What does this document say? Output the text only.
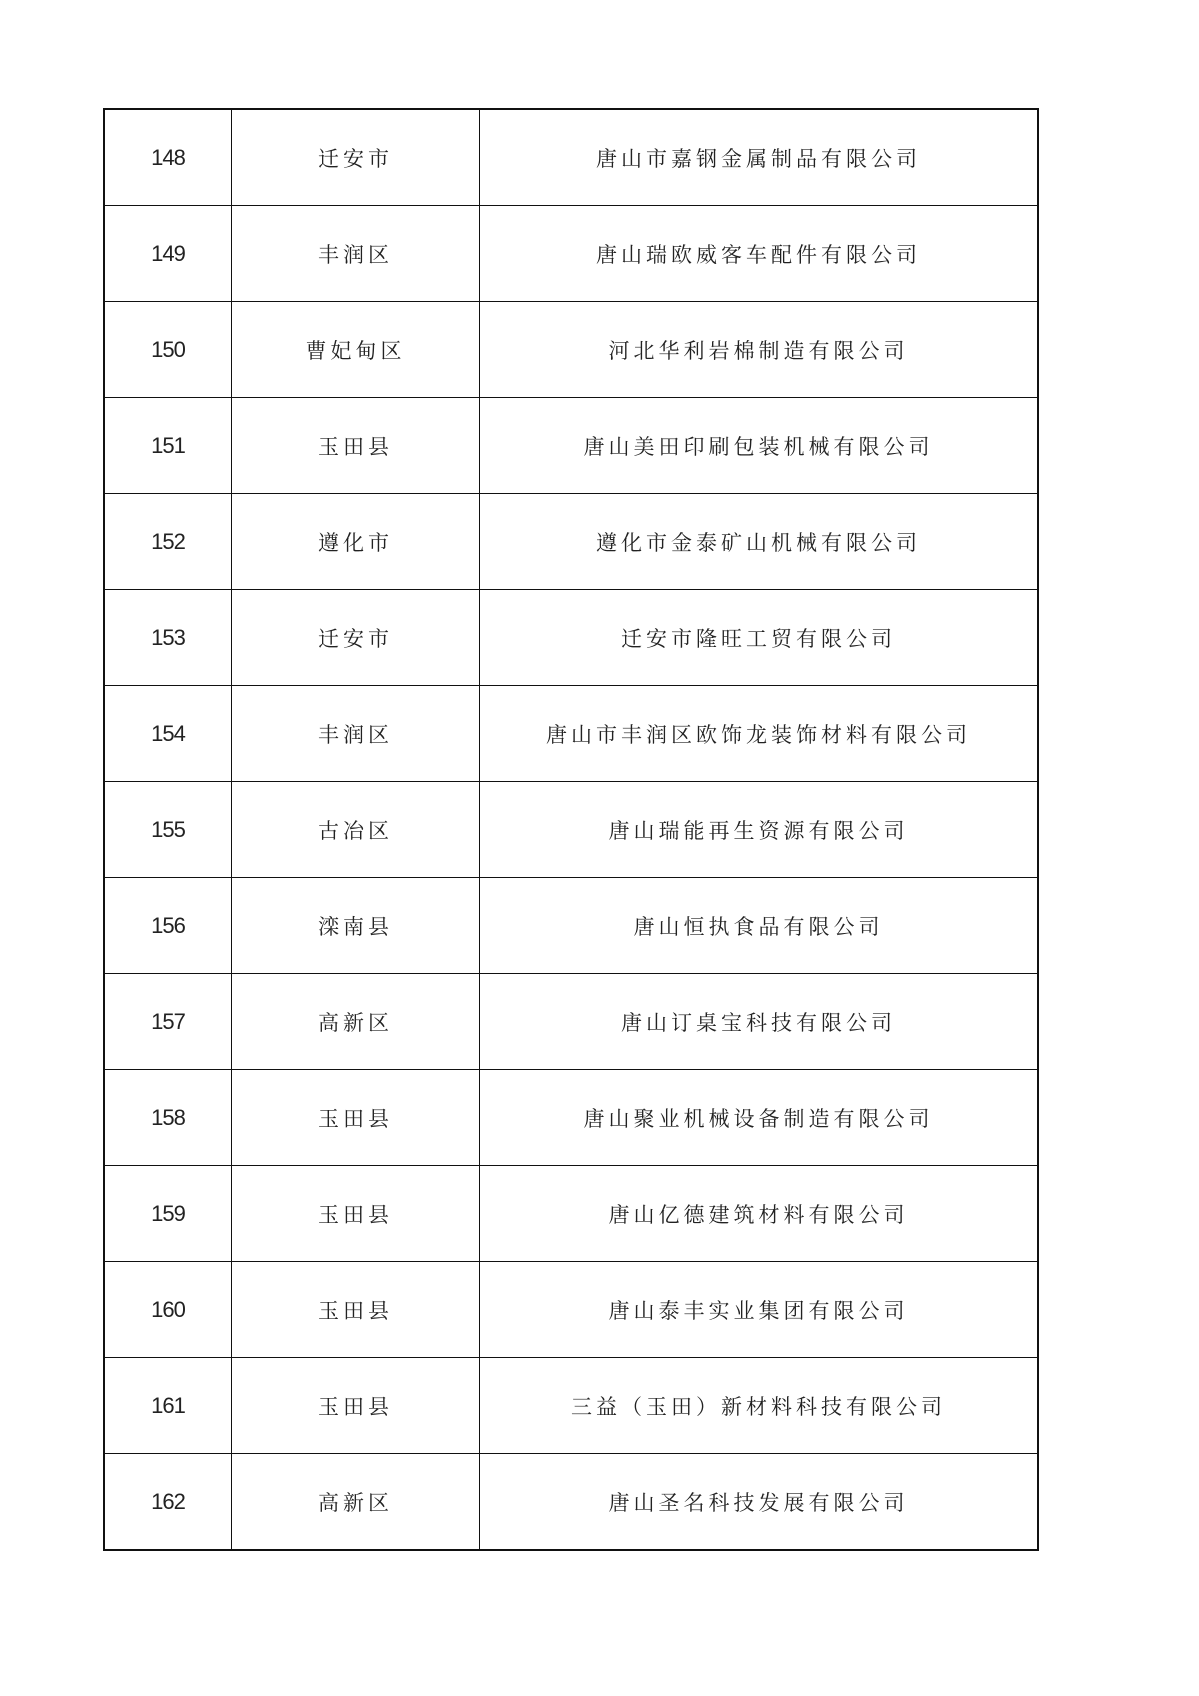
148	迁安市	唐山市嘉钢金属制品有限公司
149	丰润区	唐山瑞欧威客车配件有限公司
150	曹妃甸区	河北华利岩棉制造有限公司
151	玉田县	唐山美田印刷包装机械有限公司
152	遵化市	遵化市金泰矿山机械有限公司
153	迁安市	迁安市隆旺工贸有限公司
154	丰润区	唐山市丰润区欧饰龙装饰材料有限公司
155	古冶区	唐山瑞能再生资源有限公司
156	滦南县	唐山恒执食品有限公司
157	高新区	唐山订桌宝科技有限公司
158	玉田县	唐山聚业机械设备制造有限公司
159	玉田县	唐山亿德建筑材料有限公司
160	玉田县	唐山泰丰实业集团有限公司
161	玉田县	三益（玉田）新材料科技有限公司
162	高新区	唐山圣名科技发展有限公司
